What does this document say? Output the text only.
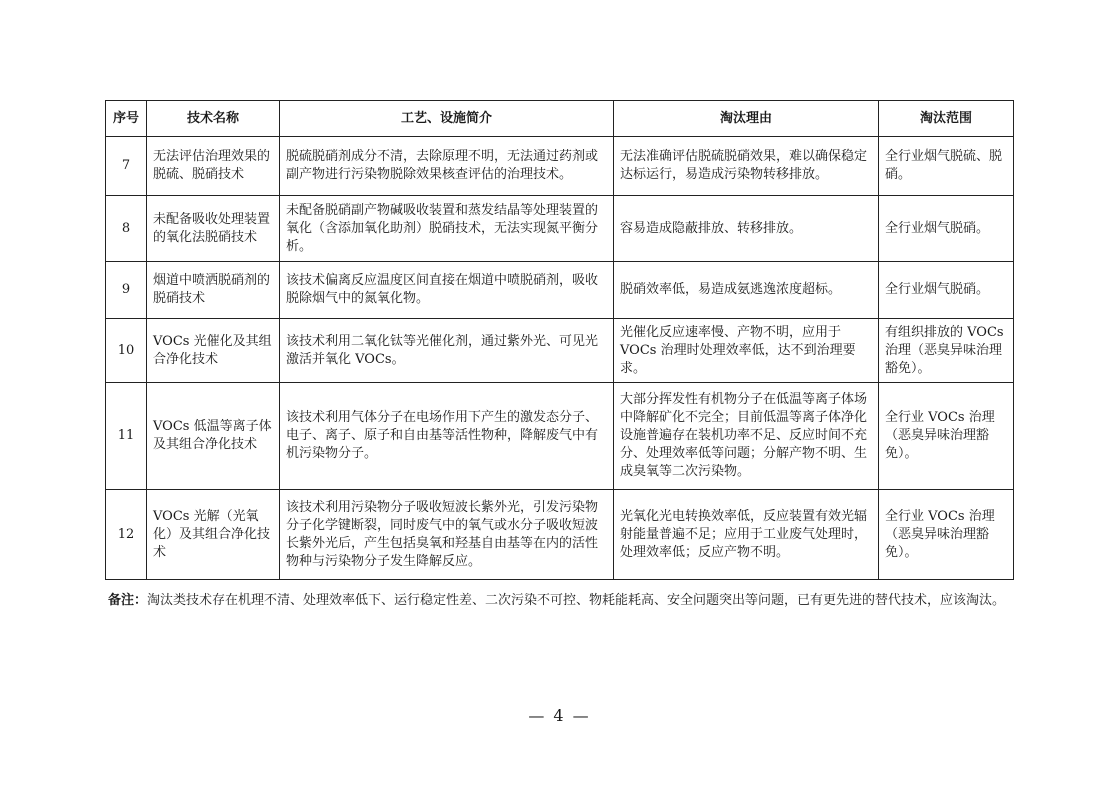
序号	技术名称	工艺、设施简介	淘汰理由	淘汰范围
7	无法评估治理效果的脱硫、脱硝技术	脱硫脱硝剂成分不清，去除原理不明，无法通过药剂或副产物进行污染物脱除效果核查评估的治理技术。	无法准确评估脱硫脱硝效果，难以确保稳定达标运行，易造成污染物转移排放。	全行业烟气脱硫、脱硝。
8	未配备吸收处理装置的氧化法脱硝技术	未配备脱硝副产物碱吸收装置和蒸发结晶等处理装置的氧化（含添加氧化助剂）脱硝技术，无法实现氮平衡分析。	容易造成隐蔽排放、转移排放。	全行业烟气脱硝。
9	烟道中喷洒脱硝剂的脱硝技术	该技术偏离反应温度区间直接在烟道中喷脱硝剂，吸收脱除烟气中的氮氧化物。	脱硝效率低，易造成氨逃逸浓度超标。	全行业烟气脱硝。
10	VOCs 光催化及其组合净化技术	该技术利用二氧化钛等光催化剂，通过紫外光、可见光激活并氧化 VOCs。	光催化反应速率慢、产物不明，应用于 VOCs 治理时处理效率低，达不到治理要求。	有组织排放的 VOCs 治理（恶臭异味治理豁免）。
11	VOCs 低温等离子体及其组合净化技术	该技术利用气体分子在电场作用下产生的激发态分子、电子、离子、原子和自由基等活性物种，降解废气中有机污染物分子。	大部分挥发性有机物分子在低温等离子体场中降解矿化不完全；目前低温等离子体净化设施普遍存在装机功率不足、反应时间不充分、处理效率低等问题；分解产物不明、生成臭氧等二次污染物。	全行业 VOCs 治理（恶臭异味治理豁免）。
12	VOCs 光解（光氧化）及其组合净化技术	该技术利用污染物分子吸收短波长紫外光，引发污染物分子化学键断裂，同时废气中的氧气或水分子吸收短波长紫外光后，产生包括臭氧和羟基自由基等在内的活性物种与污染物分子发生降解反应。	光氧化光电转换效率低，反应装置有效光辐射能量普遍不足；应用于工业废气处理时，处理效率低；反应产物不明。	全行业 VOCs 治理（恶臭异味治理豁免）。
备注：淘汰类技术存在机理不清、处理效率低下、运行稳定性差、二次污染不可控、物耗能耗高、安全问题突出等问题，已有更先进的替代技术，应该淘汰。
— 4 —
